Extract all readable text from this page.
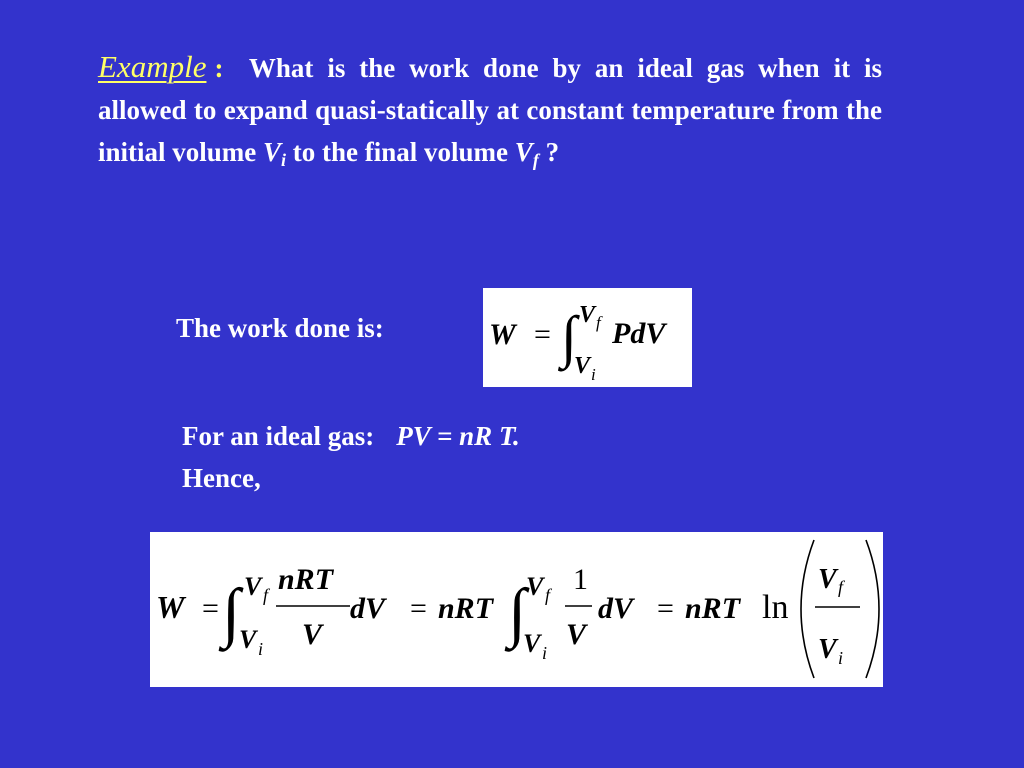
Example : What is the work done by an ideal gas when it is allowed to expand quasi-statically at constant temperature from the initial volume $V_i$ to the final volume $V_f$ ?
The work done is:	W = ∫ V f
V i
PdV
For an ideal gas: PV = nR T.
Hence,
W = ∫ V f
V i
nRT
V
dV = nRT ∫ V f
V i
1
V
dV = nRT ln
V f
V i
